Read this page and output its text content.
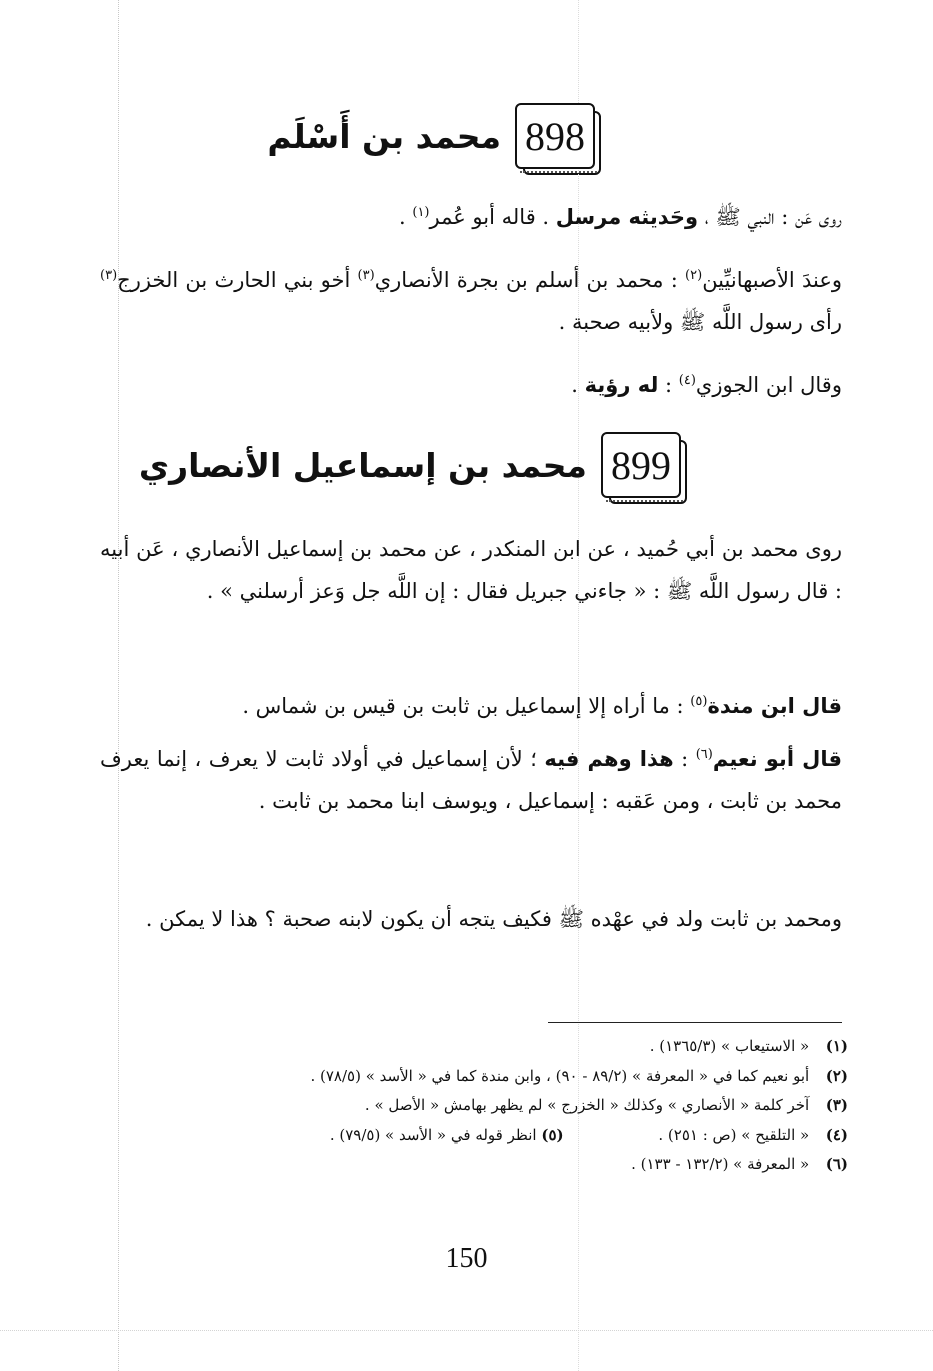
898
محمد بن أَسْلَم
روى عَن : النبي ﷺ ، وحَديثه مرسل . قاله أبو عُمر$^{(١)}$ .
وعندَ الأصبهانيِّين$^{(٢)}$ : محمد بن أسلم بن بجرة الأنصاري$^{(٣)}$ أخو بني الحارث بن الخزرج$^{(٣)}$ رأى رسول اللَّه ﷺ ولأبيه صحبة .
وقال ابن الجوزي$^{(٤)}$ : له رؤية .
899
محمد بن إسماعيل الأنصاري
روى محمد بن أبي حُميد ، عن ابن المنكدر ، عن محمد بن إسماعيل الأنصاري ، عَن أبيه : قال رسول اللَّه ﷺ : « جاءني جبريل فقال : إن اللَّه جل وَعز أرسلني » .
قال ابن مندة$^{(٥)}$ : ما أراه إلا إسماعيل بن ثابت بن قيس بن شماس .
قال أبو نعيم$^{(٦)}$ : هذا وهم فيه ؛ لأن إسماعيل في أولاد ثابت لا يعرف ، إنما يعرف محمد بن ثابت ، ومن عَقبه : إسماعيل ، ويوسف ابنا محمد بن ثابت .
ومحمد بن ثابت ولد في عهْده ﷺ فكيف يتجه أن يكون لابنه صحبة ؟ هذا لا يمكن .
(١) « الاستيعاب » (١٣٦٥/٣) .
(٢) أبو نعيم كما في « المعرفة » (٨٩/٢ - ٩٠) ، وابن مندة كما في « الأسد » (٧٨/٥) .
(٣) آخر كلمة « الأنصاري » وكذلك « الخزرج » لم يظهر بهامش « الأصل » .
(٤) « التلقيح » (ص : ٢٥١) . (٥) انظر قوله في « الأسد » (٧٩/٥) .
(٦) « المعرفة » (١٣٢/٢ - ١٣٣) .
150
